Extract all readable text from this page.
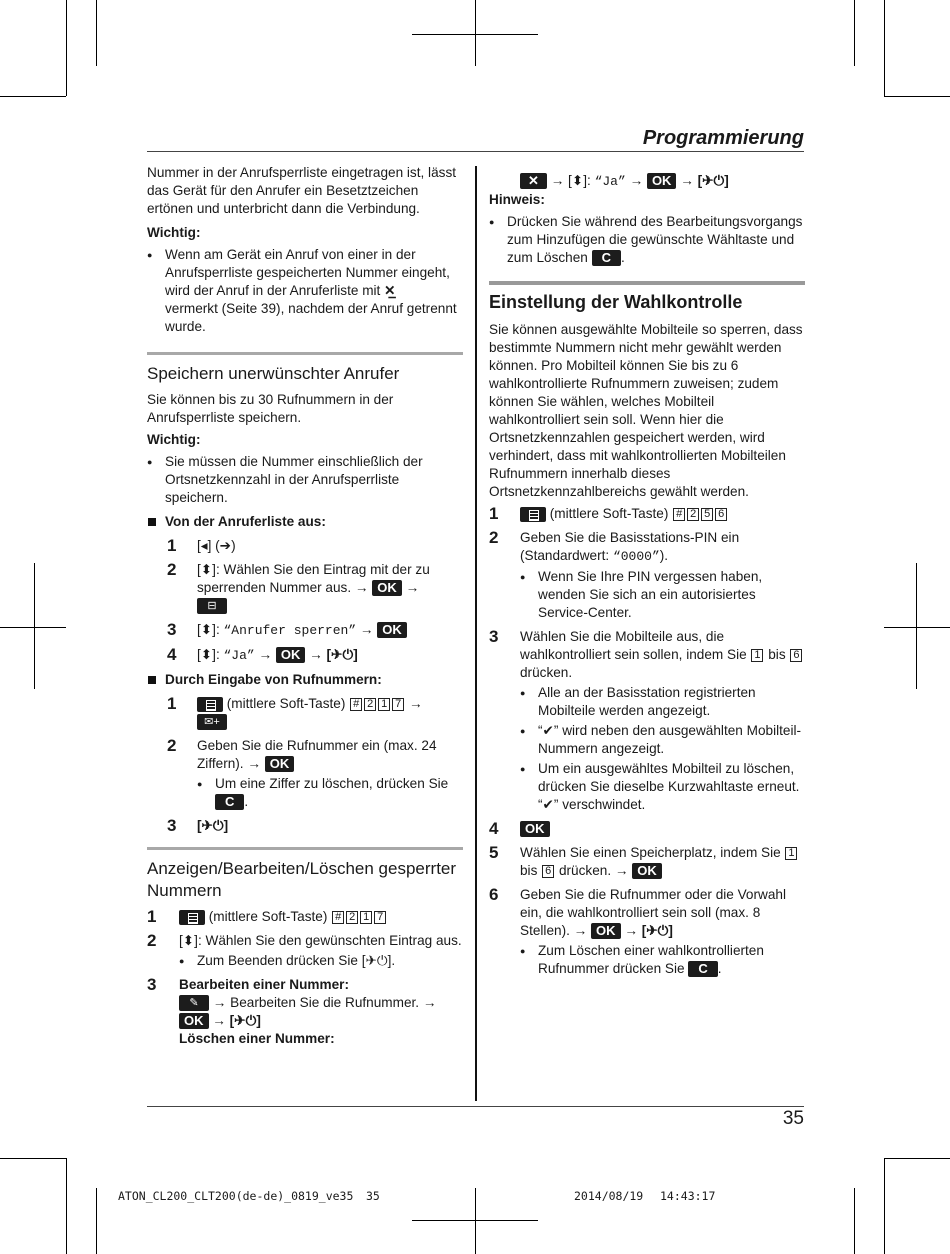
Programmierung

Nummer in der Anrufsperrliste eingetragen ist, lässt das Gerät für den Anrufer ein Besetztzeichen ertönen und unterbricht dann die Verbindung.

Wichtig:

● Wenn am Gerät ein Anruf von einer in der Anrufsperrliste gespeicherten Nummer eingeht, wird der Anruf in der Anruferliste mit ✕̲
vermerkt (Seite 39), nachdem der Anruf getrennt wurde.
Speichern unerwünschter Anrufer

Sie können bis zu 30 Rufnummern in der Anrufsperrliste speichern.

Wichtig:

● Sie müssen die Nummer einschließlich der Ortsnetzkennzahl in der Anrufsperrliste speichern.
Von der Anruferliste aus:
1 [◂] (➔)
2 [⬍]: Wählen Sie den Eintrag mit der zu sperrenden Nummer aus. → OK →
⊟
3 [⬍]: “Anrufer sperren” → OK
4 [⬍]: “Ja” → OK → [✈⏻]
Durch Eingabe von Rufnummern:
1	(mittlere Soft-Taste) # 2 1 7 →
✉+
2 Geben Sie die Rufnummer ein (max. 24 Ziffern). → OK
● Um eine Ziffer zu löschen, drücken Sie C .
3 [✈⏻]
Anzeigen/Bearbeiten/Löschen gesperrter Nummern
1	(mittlere Soft-Taste) # 2 1 7
2 [⬍]: Wählen Sie den gewünschten Eintrag aus.
● Zum Beenden drücken Sie [✈⏻].
3 Bearbeiten einer Nummer:
✎ → Bearbeiten Sie die Rufnummer. →
OK → [✈⏻]
Löschen einer Nummer:
✕ → [⬍]: “Ja” → OK → [✈⏻]

Hinweis:

● Drücken Sie während des Bearbeitungsvorgangs zum Hinzufügen die gewünschte Wähltaste und zum Löschen C .
Einstellung der Wahlkontrolle

Sie können ausgewählte Mobilteile so sperren, dass bestimmte Nummern nicht mehr gewählt werden können. Pro Mobilteil können Sie bis zu 6 wahlkontrollierte Rufnummern zuweisen; zudem können Sie wählen, welches Mobilteil wahlkontrolliert sein soll. Wenn hier die Ortsnetzkennzahlen gespeichert werden, wird verhindert, dass mit wahlkontrollierten Mobilteilen Rufnummern innerhalb dieses Ortsnetzkennzahlbereichs gewählt werden.

1	(mittlere Soft-Taste) # 2 5 6
2 Geben Sie die Basisstations-PIN ein (Standardwert: “0000”).
● Wenn Sie Ihre PIN vergessen haben, wenden Sie sich an ein autorisiertes Service-Center.
3 Wählen Sie die Mobilteile aus, die wahlkontrolliert sein sollen, indem Sie 1 bis 6 drücken.
● Alle an der Basisstation registrierten Mobilteile werden angezeigt.
● “✔” wird neben den ausgewählten Mobilteil-Nummern angezeigt.
● Um ein ausgewähltes Mobilteil zu löschen, drücken Sie dieselbe Kurzwahltaste erneut. “✔” verschwindet.
4 OK
5 Wählen Sie einen Speicherplatz, indem Sie 1 bis 6 drücken. → OK
6 Geben Sie die Rufnummer oder die Vorwahl ein, die wahlkontrolliert sein soll (max. 8 Stellen). → OK → [✈⏻]
● Zum Löschen einer wahlkontrollierten Rufnummer drücken Sie C .
35
ATON_CL200_CLT200(de-de)_0819_ve35 35	2014/08/19 14:43:17
